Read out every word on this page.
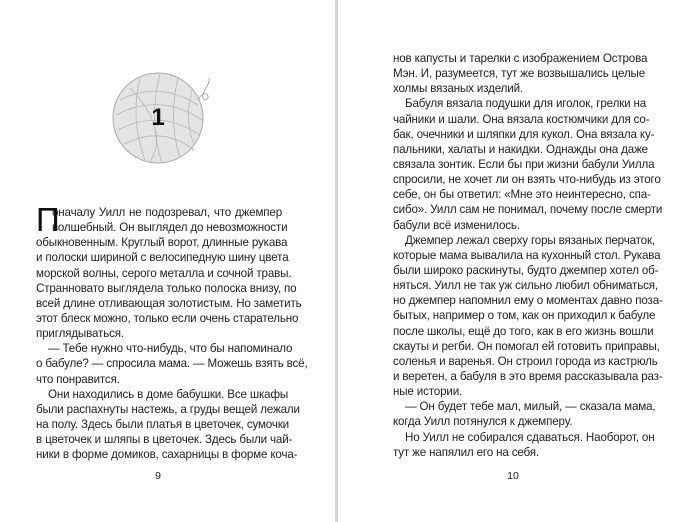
1
П
оначалу Уилл не подозревал, что джемпер
волшебный. Он выглядел до невозможности
обыкновенным. Круглый ворот, длинные рукава
и полоски шириной с велосипедную шину цвета
морской волны, серого металла и сочной травы.
Странновато выглядела только полоска внизу, по
всей длине отливающая золотистым. Но заметить
этот блеск можно, только если очень старательно
приглядываться.
— Тебе нужно что-нибудь, что бы напоминало
о бабуле? — спросила мама. — Можешь взять всё,
что понравится.
Они находились в доме бабушки. Все шкафы
были распахнуты настежь, а груды вещей лежали
на полу. Здесь были платья в цветочек, сумочки
в цветочек и шляпы в цветочек. Здесь были чай-
ники в форме домиков, сахарницы в форме коча-
9
нов капусты и тарелки с изображением Острова
Мэн. И, разумеется, тут же возвышались целые
холмы вязаных изделий.
Бабуля вязала подушки для иголок, грелки на
чайники и шали. Она вязала костюмчики для со-
бак, очечники и шляпки для кукол. Она вязала ку-
пальники, халаты и накидки. Однажды она даже
связала зонтик. Если бы при жизни бабули Уилла
спросили, не хочет ли он взять что-нибудь из этого
себе, он бы ответил: «Мне это неинтересно, спа-
сибо». Уилл сам не понимал, почему после смерти
бабули всё изменилось.
Джемпер лежал сверху горы вязаных перчаток,
которые мама вывалила на кухонный стол. Рукава
были широко раскинуты, будто джемпер хотел об-
няться. Уилл не так уж сильно любил обниматься,
но джемпер напомнил ему о моментах давно поза-
бытых, например о том, как он приходил к бабуле
после школы, ещё до того, как в его жизнь вошли
скауты и регби. Он помогал ей готовить приправы,
соленья и варенья. Он строил города из кастрюль
и веретен, а бабуля в это время рассказывала раз-
ные истории.
— Он будет тебе мал, милый, — сказала мама,
когда Уилл потянулся к джемперу.
Но Уилл не собирался сдаваться. Наоборот, он
тут же напялил его на себя.
10
